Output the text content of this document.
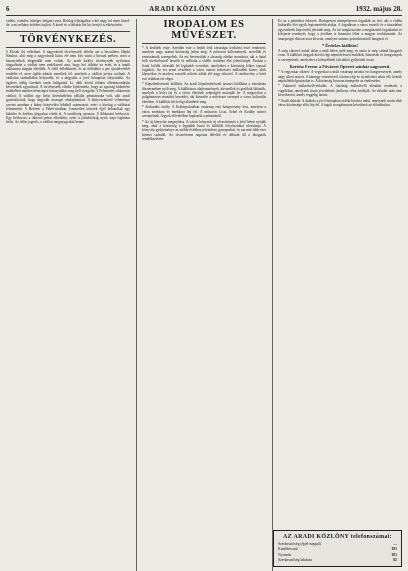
6	ARADI KÖZLÖNY	1932. május 28.

vidéki, csöndes, hűséges dolgait rovta. Boldog ifjúságához a két nagy író ment közel: de. a mi néhány érdekes hajlott. A kezét és a láthatár két kis kertjét is elkészítette.

TÖRVÉNYKEZÉS.

§ Elcsalt fiú védelmei. A nagyváradi törvényszék elítélte azt a becsületes Hajdú Sándort, akit még a nagyváradi kúria elé nem bírt vinni a hosszú perben, mert a bizonyítékok elegendők nem voltak. Az aradi királyi törvényszék nyilvános tárgyalásán a vádlott nem emlékezett arra, hogy hol töltötte az estét, és a tanúk vallomása alapján elítélték. A védő fellebbezett, és az ítélőtábla a per újrafelvételét rendelte el, mert újabb adatok merültek fel, amelyek a vádlott javára szólnak. A vádlottat szabadlábra helyezték, és a tárgyalás a jövő hónapban folytatódik. Az ügyben eddig tizenkét tanút hallgattak ki, akik közül többen ellentmondásba keveredtek egymással. A törvényszék elnöke kijelentette, hogy az igazság kiderítése érdekében minden lehetséges bizonyítékot meg kell vizsgálni. § Felmentett sikkasztás vádlott. A vádlott egy helyi kereskedelmi vállalat pénztárnoka volt, akit azzal gyanúsítottak, hogy nagyobb összeget eltulajdonított. A könyvszakértő véleménye szerint azonban a hiány könyvelési hibából származott, ezért a bíróság a vádlottat felmentette. § Betörés a Fehér-utcában. Ismeretlen tettesek éjjel behatoltak egy lakásba és értékes tárgyakat vittek el. A rendőrség nyomoz. § Sikkasztó bérkocsis. Egy bérkocsis a rábízott pénzt elköltötte, ezért a járásbíróság nyolc napi fogházra ítélte. Az ítélet jogerős, a vádlott megnyugodott benne.

IRODALOM ÉS MŰVÉSZET.

* A keddiek estje. Szerdán este a keddi írók társasága irodalmi estet rendezett, amelyen nagy számú közönség jelent meg. A műsoron költemények, novellák és zeneszámok szerepeltek. Az est bevezetőjét a társaság elnöke mondotta, aki a fiatal írók törekvéseiről beszélt és méltatta a vidéki irodalmi élet jelentőségét. Ezután a fiatal költők olvasták fel legújabb verseiket, amelyeket a közönség lelkes tapssal fogadott. Az est zenei részében a város ismert művészei működtek közre, akik klasszikus és modern szerzők műveit adták elő nagy sikerrel. A rendezvény a késő esti órákban ért véget.

* Képzőművészeti kiállítás. Az aradi képzőművészek tavaszi kiállítása a városháza dísztermében nyílt meg. A kiállításon olajfestmények, akvarellek és grafikák láthatók, amelyek a helyi táj és a város életének szépségeit mutatják be. A megnyitón a polgármester mondott beszédet, aki kiemelte a művészet szerepét a város kulturális életében. A kiállítás két hétig tekinthető meg.

* Kulturális estély. A Kultúrpalotában vasárnap este hangverseny lesz, amelyen a város zenekara és énekkara lép fel. A műsoron Liszt, Erkel és Kodály művei szerepelnek. Jegyek elővételben kaphatók a pénztárnál.

* Az új könyvtár megnyitása. A városi könyvtár új olvasótermét a jövő héten nyitják meg, ahol a közönség a legújabb hazai és külföldi folyóiratokat olvashatja. A könyvtár gyűjteménye az utóbbi években jelentősen gyarapodott, és ma már több ezer kötetet számlál. Az olvasóterem naponta délelőtt és délután áll a látogatók rendelkezésére.

Ez az a pénteken érkezett. Budapesten ünnepélyesen fogadták az írót, aki a vidéki kulturális élet egyik legismertebb alakja. A fogadáson a város vezetői és a társadalmi egyesületek képviselői jelentek meg. Az író megköszönte a megtisztelő fogadtatást és kifejezte reményét, hogy a jövőben is hasznára lehet a magyar irodalomnak. Az ünnepséget díszvacsora követte, amelyen számos pohárköszöntő hangzott el.

* Érdekes kiállítás!

A szép sikerrel indult tárlat a múlt héten nyílt meg, és azóta is szép számú látogatót vonz. A kiállított tárgyak között régi népművészeti emlékek, hímzések és faragványok is szerepelnek, amelyeket a környékbeli falvakból gyűjtöttek össze.

Kertész Ferenc a Fővárosi Operett színház nagyszerű.

* A vegyeskar sikerei. A vegyeskar a múlt vasárnap tartotta évi hangversenyét, amely nagy sikert aratott. A karnagy vezetésével a kórus régi és új műveket adott elő, köztük népdalfeldolgozásokat is. A közönség hosszan ünnepelte az énekeseket.

* Vakmerő műkedvelő-előadás. A fiatalság műkedvelő előadást rendezett a vigadóban, amelynek tiszta jövedelmét jótékony célra fordítják. Az előadás után tánc következett, amely reggelig tartott.

* Aradi dalárda. A dalárda a jövő hónapban vidéki körútra indul, amelynek során több város közönsége előtt lép fel. A tagok szorgalmasan készülnek az előadásokra.

AZ ARADI KÖZLÖNY telefonszámai:
Szerkesztőség (éjjel-nappal)	—
Kiadóhivatal	181
Nyomda	181
Szerkesztőség lakásán	82
